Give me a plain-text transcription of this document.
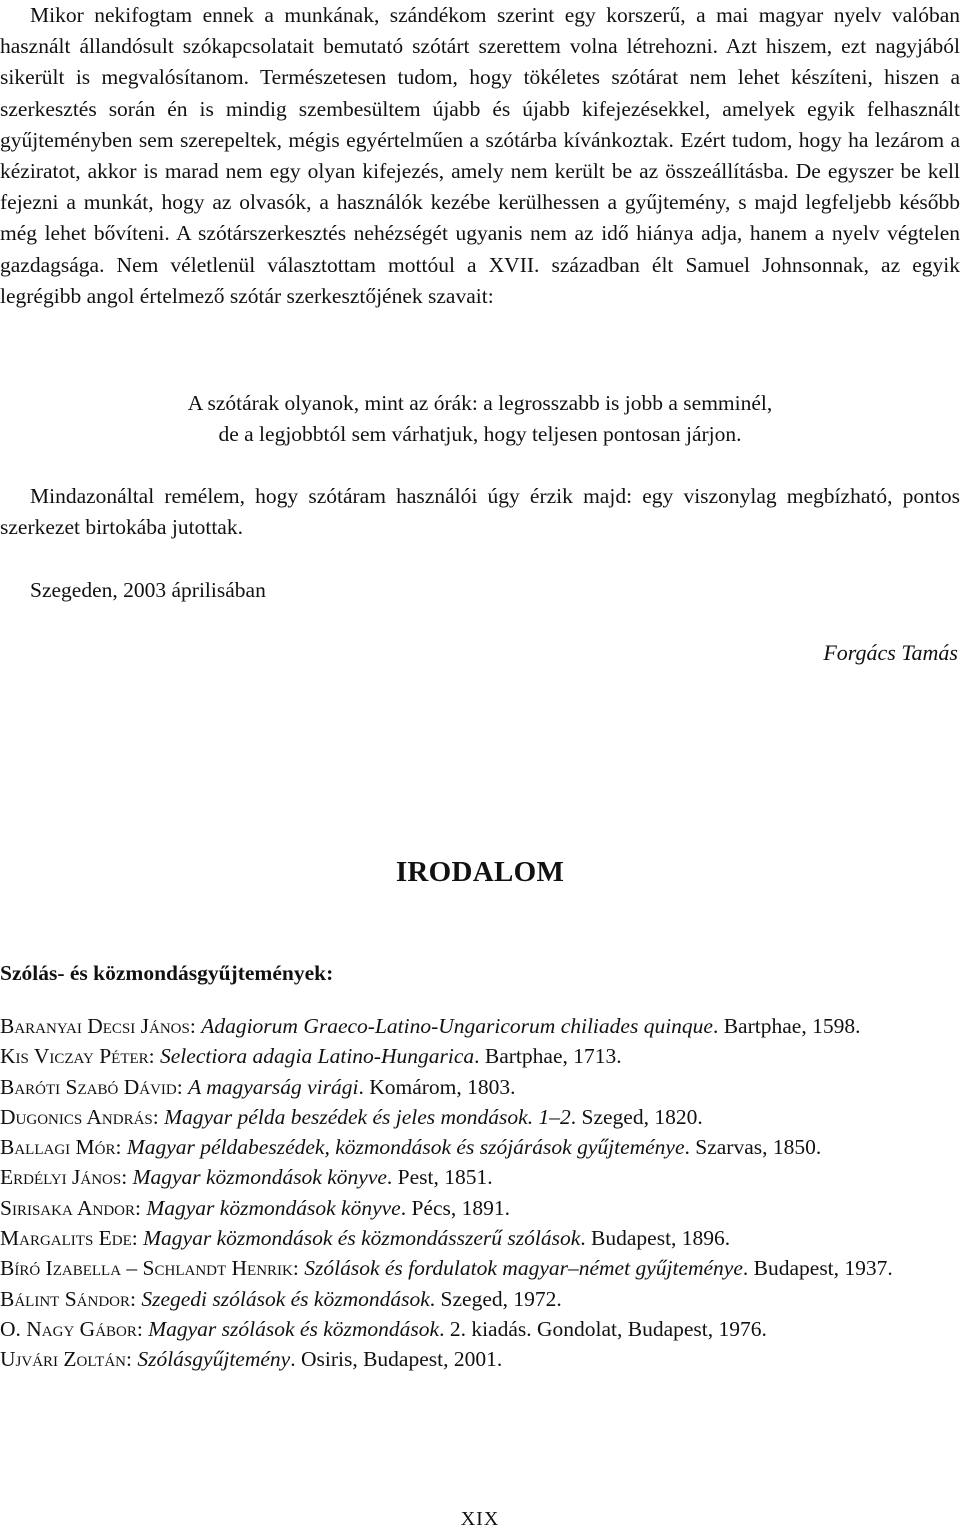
Mikor nekifogtam ennek a munkának, szándékom szerint egy korszerű, a mai magyar nyelv valóban használt állandósult szókapcsolatait bemutató szótárt szerettem volna létrehozni. Azt hiszem, ezt nagyjából sikerült is megvalósítanom. Természetesen tudom, hogy tökéletes szótárat nem lehet készíteni, hiszen a szerkesztés során én is mindig szembesültem újabb és újabb kifejezésekkel, amelyek egyik felhasznált gyűjteményben sem szerepeltek, mégis egyértelműen a szótárba kívánkoztak. Ezért tudom, hogy ha lezárom a kéziratot, akkor is marad nem egy olyan kifejezés, amely nem került be az összeállításba. De egyszer be kell fejezni a munkát, hogy az olvasók, a használók kezébe kerülhessen a gyűjtemény, s majd legfeljebb később még lehet bővíteni. A szótárszerkesztés nehézségét ugyanis nem az idő hiánya adja, hanem a nyelv végtelen gazdagsága. Nem véletlenül választottam mottóul a XVII. században élt Samuel Johnsonnak, az egyik legrégibb angol értelmező szótár szerkesztőjének szavait:

A szótárak olyanok, mint az órák: a legrosszabb is jobb a semminél,
de a legjobbtól sem várhatjuk, hogy teljesen pontosan járjon.

Mindazonáltal remélem, hogy szótáram használói úgy érzik majd: egy viszonylag megbízható, pontos szerkezet birtokába jutottak.

Szegeden, 2003 áprilisában

Forgács Tamás

IRODALOM
Szólás- és közmondásgyűjtemények:
Baranyai Decsi János: Adagiorum Graeco-Latino-Ungaricorum chiliades quinque. Bartphae, 1598.
Kis Viczay Péter: Selectiora adagia Latino-Hungarica. Bartphae, 1713.
Baróti Szabó Dávid: A magyarság virági. Komárom, 1803.
Dugonics András: Magyar példa beszédek és jeles mondások. 1–2. Szeged, 1820.
Ballagi Mór: Magyar példabeszédek, közmondások és szójárások gyűjteménye. Szarvas, 1850.
Erdélyi János: Magyar közmondások könyve. Pest, 1851.
Sirisaka Andor: Magyar közmondások könyve. Pécs, 1891.
Margalits Ede: Magyar közmondások és közmondásszerű szólások. Budapest, 1896.
Bíró Izabella – Schlandt Henrik: Szólások és fordulatok magyar–német gyűjteménye. Budapest, 1937.
Bálint Sándor: Szegedi szólások és közmondások. Szeged, 1972.
O. Nagy Gábor: Magyar szólások és közmondások. 2. kiadás. Gondolat, Budapest, 1976.
Ujvári Zoltán: Szólásgyűjtemény. Osiris, Budapest, 2001.
XIX
